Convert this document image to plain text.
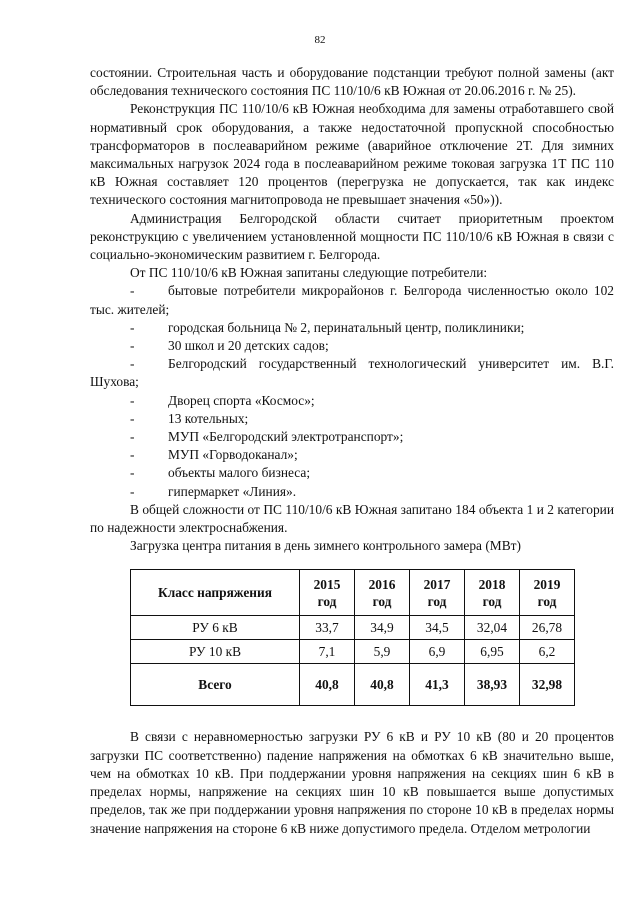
82

состоянии. Строительная часть и оборудование подстанции требуют полной замены (акт обследования технического состояния ПС 110/10/6 кВ Южная от 20.06.2016 г. № 25).

Реконструкция ПС 110/10/6 кВ Южная необходима для замены отработавшего свой нормативный срок оборудования, а также недостаточной пропускной способностью трансформаторов в послеаварийном режиме (аварийное отключение 2Т. Для зимних максимальных нагрузок 2024 года в послеаварийном режиме токовая загрузка 1Т ПС 110 кВ Южная составляет 120 процентов (перегрузка не допускается, так как индекс технического состояния магнитопровода не превышает значения «50»)).

Администрация Белгородской области считает приоритетным проектом реконструкцию с увеличением установленной мощности ПС 110/10/6 кВ Южная в связи с социально-экономическим развитием г. Белгорода.

От ПС 110/10/6 кВ Южная запитаны следующие потребители:

-	бытовые потребители микрорайонов г. Белгорода численностью около 102 тыс. жителей;

-	городская больница № 2, перинатальный центр, поликлиники;
-	30 школ и 20 детских садов;

-	Белгородский государственный технологический университет им. В.Г. Шухова;

-	Дворец спорта «Космос»;
-	13 котельных;
-	МУП «Белгородский электротранспорт»;
-	МУП «Горводоканал»;
-	объекты малого бизнеса;
-	гипермаркет «Линия».

В общей сложности от ПС 110/10/6 кВ Южная запитано 184 объекта 1 и 2 категории по надежности электроснабжения.

Загрузка центра питания в день зимнего контрольного замера (МВт)

Класс напряжения	2015 год	2016 год	2017 год	2018 год	2019 год
РУ 6 кВ	33,7	34,9	34,5	32,04	26,78
РУ 10 кВ	7,1	5,9	6,9	6,95	6,2
Всего	40,8	40,8	41,3	38,93	32,98

В связи с неравномерностью загрузки РУ 6 кВ и РУ 10 кВ (80 и 20 процентов загрузки ПС соответственно) падение напряжения на обмотках 6 кВ значительно выше, чем на обмотках 10 кВ. При поддержании уровня напряжения на секциях шин 6 кВ в пределах нормы, напряжение на секциях шин 10 кВ повышается выше допустимых пределов, так же при поддержании уровня напряжения по стороне 10 кВ в пределах нормы значение напряжения на стороне 6 кВ ниже допустимого предела. Отделом метрологии
